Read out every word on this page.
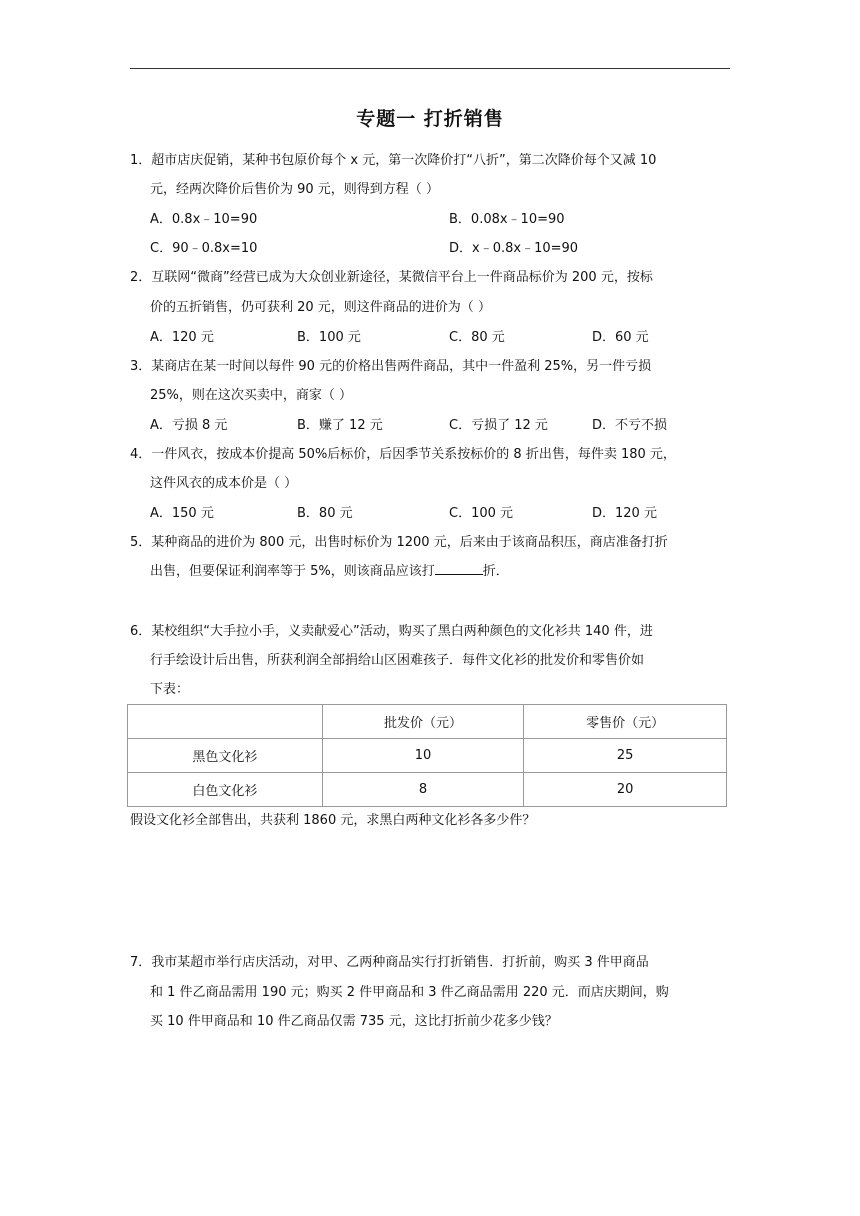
专题一 打折销售
1．超市店庆促销，某种书包原价每个 x 元，第一次降价打“八折”，第二次降价每个又减 10
元，经两次降价后售价为 90 元，则得到方程（ ）
A．0.8x﹣10=90	B．0.08x﹣10=90
C．90﹣0.8x=10	D．x﹣0.8x﹣10=90
2．互联网“微商”经营已成为大众创业新途径，某微信平台上一件商品标价为 200 元，按标
价的五折销售，仍可获利 20 元，则这件商品的进价为（ ）
A．120 元	B．100 元	C．80 元	D．60 元
3．某商店在某一时间以每件 90 元的价格出售两件商品，其中一件盈利 25%，另一件亏损
25%，则在这次买卖中，商家（ ）
A．亏损 8 元	B．赚了 12 元	C．亏损了 12 元	D．不亏不损
4．一件风衣，按成本价提高 50%后标价，后因季节关系按标价的 8 折出售，每件卖 180 元，
这件风衣的成本价是（ ）
A．150 元	B．80 元	C．100 元	D．120 元
5．某种商品的进价为 800 元，出售时标价为 1200 元，后来由于该商品积压，商店准备打折
出售，但要保证利润率等于 5%，则该商品应该打	折．
6．某校组织“大手拉小手，义卖献爱心”活动，购买了黑白两种颜色的文化衫共 140 件，进
行手绘设计后出售，所获利润全部捐给山区困难孩子．每件文化衫的批发价和零售价如
下表：
	批发价（元）	零售价（元）
黑色文化衫	10	25
白色文化衫	8	20
假设文化衫全部售出，共获利 1860 元，求黑白两种文化衫各多少件？
7．我市某超市举行店庆活动，对甲、乙两种商品实行打折销售．打折前，购买 3 件甲商品
和 1 件乙商品需用 190 元；购买 2 件甲商品和 3 件乙商品需用 220 元．而店庆期间，购
买 10 件甲商品和 10 件乙商品仅需 735 元，这比打折前少花多少钱？
